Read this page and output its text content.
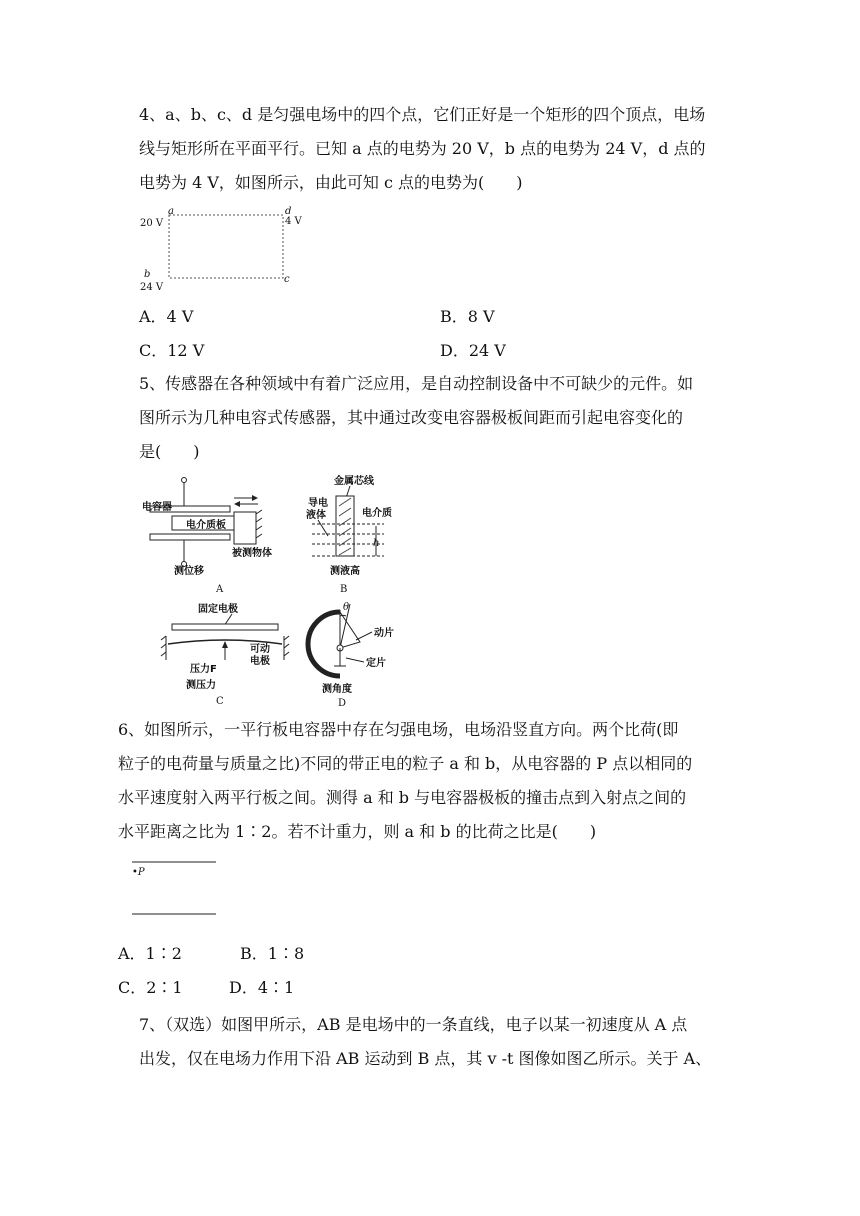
4、a、b、c、d 是匀强电场中的四个点，它们正好是一个矩形的四个顶点，电场
线与矩形所在平面平行。已知 a 点的电势为 20 V，b 点的电势为 24 V，d 点的
电势为 4 V，如图所示，由此可知 c 点的电势为(　　)
a
20 V
d
4 V
b
24 V
c
A．4 V	B．8 V
C．12 V	D．24 V
5、传感器在各种领域中有着广泛应用，是自动控制设备中不可缺少的元件。如
图所示为几种电容式传感器，其中通过改变电容器极板间距而引起电容变化的
是(　　)
电容器
电介质板
被测物体
测位移
A
金属芯线
h
导电
液体	电介质
测液高
B
固定电极
可动
电极
压力F
测压力
C
θ
动片
定片
测角度
D
6、如图所示，一平行板电容器中存在匀强电场，电场沿竖直方向。两个比荷(即
粒子的电荷量与质量之比)不同的带正电的粒子 a 和 b，从电容器的 P 点以相同的
水平速度射入两平行板之间。测得 a 和 b 与电容器极板的撞击点到入射点之间的
水平距离之比为 1∶2。若不计重力，则 a 和 b 的比荷之比是(　　)
•P
A．1∶2	B．1∶8
C．2∶1	D．4∶1
7、（双选）如图甲所示，AB 是电场中的一条直线，电子以某一初速度从 A 点
出发，仅在电场力作用下沿 AB 运动到 B 点，其 v -t 图像如图乙所示。关于 A、
